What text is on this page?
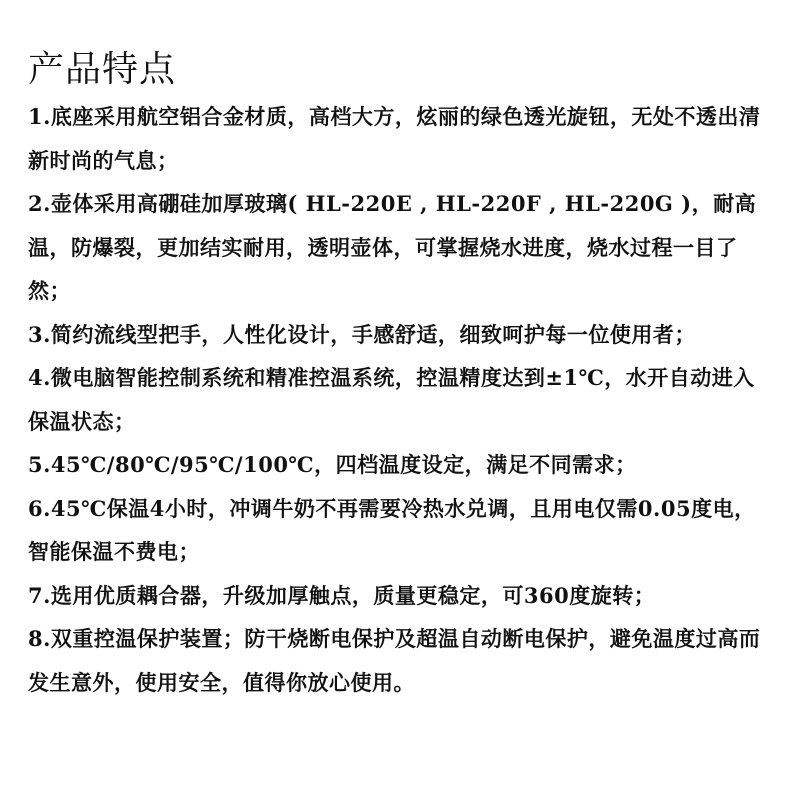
产品特点
1.底座采用航空铝合金材质，高档大方，炫丽的绿色透光旋钮，无处不透出清新时尚的气息；
2.壶体采用高硼硅加厚玻璃( HL-220E , HL-220F , HL-220G )，耐高温，防爆裂，更加结实耐用，透明壶体，可掌握烧水进度，烧水过程一目了然；
3.简约流线型把手，人性化设计，手感舒适，细致呵护每一位使用者；
4.微电脑智能控制系统和精准控温系统，控温精度达到±1℃，水开自动进入保温状态；
5.45℃/80℃/95℃/100℃，四档温度设定，满足不同需求；
6.45℃保温4小时，冲调牛奶不再需要冷热水兑调，且用电仅需0.05度电，智能保温不费电；
7.选用优质耦合器，升级加厚触点，质量更稳定，可360度旋转；
8.双重控温保护装置；防干烧断电保护及超温自动断电保护，避免温度过高而发生意外，使用安全，值得你放心使用。
